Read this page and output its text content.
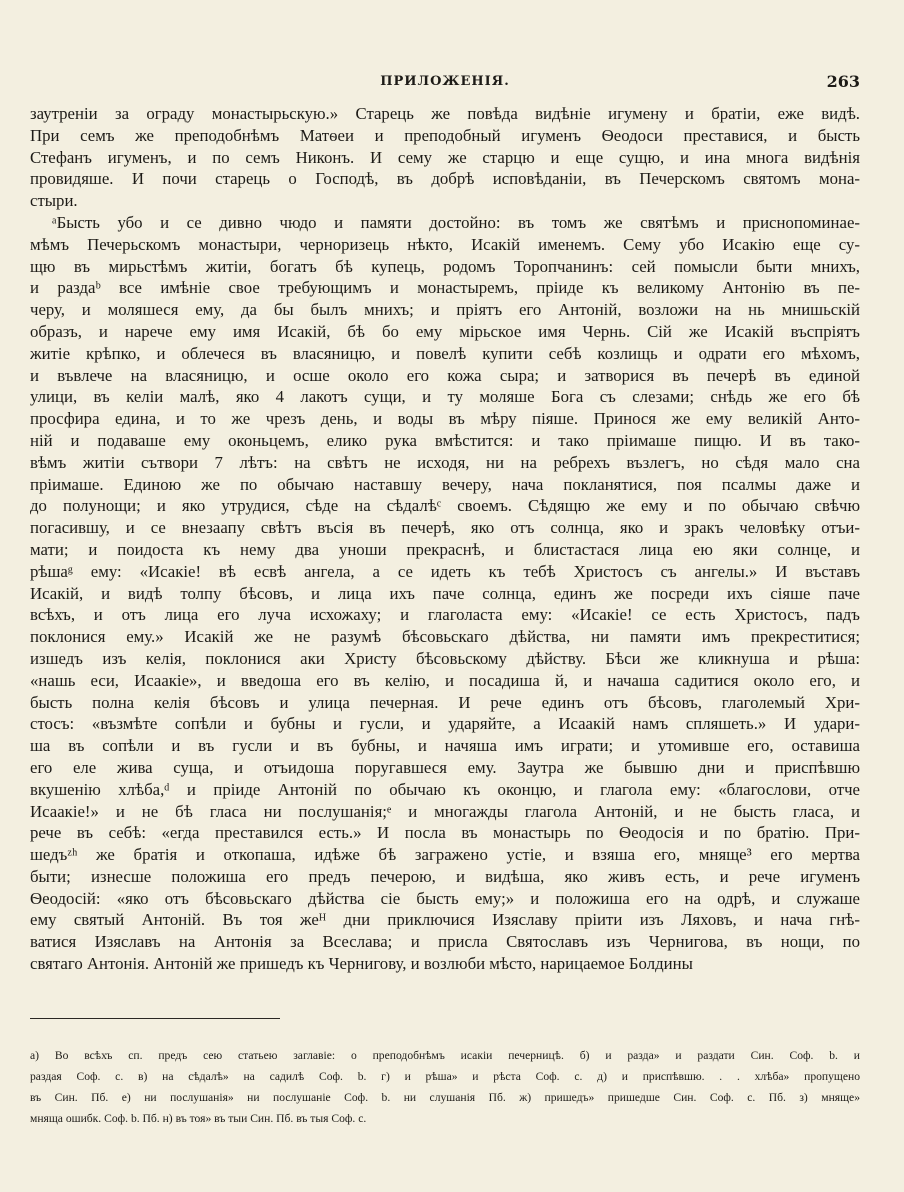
ПРИЛОЖЕНІЯ.	263
заутреніи за ограду монастырьскую.» Старець же повѣда видѣніе игумену и братіи, еже видѣ.
При семъ же преподобнѣмъ Матѳеи и преподобный игуменъ Ѳеодоси преставися, и бысть
Стефанъ игуменъ, и по семъ Никонъ. И сему же старцю и еще сущю, и ина многа видѣнія
провидяше. И почи старець о Господѣ, въ добрѣ исповѣданіи, въ Печерскомъ святомъ мона-
стыри.
ᵃБысть убо и се дивно чюдо и памяти достойно: въ томъ же святѣмъ и приснопоминае-
мѣмъ Печерьскомъ монастыри, черноризець нѣкто, Исакій именемъ. Сему убо Исакію еще су-
щю въ мирьстѣмъ житіи, богатъ бѣ купець, родомъ Торопчанинъ: сей помысли быти мнихъ,
и раздаᵇ все имѣніе свое требующимъ и монастыремъ, пріиде къ великому Антонію въ пе-
черу, и моляшеся ему, да бы былъ мнихъ; и пріятъ его Антоній, возложи на нь мнишьскій
образъ, и нарече ему имя Исакій, бѣ бо ему мірьское имя Чернь. Сій же Исакій въспріятъ
житіе крѣпко, и облечеся въ власяницю, и повелѣ купити себѣ козлищь и одрати его мѣхомъ,
и въвлече на власяницю, и осше около его кожа сыра; и затворися въ печерѣ въ единой
улици, въ келіи малѣ, яко 4 лакотъ сущи, и ту моляше Бога съ слезами; снѣдь же его бѣ
просфира едина, и то же чрезъ день, и воды въ мѣру піяше. Принося же ему великій Анто-
ній и подаваше ему оконьцемъ, елико рука вмѣстится: и тако пріимаше пищю. И въ тако-
вѣмъ житіи сътвори 7 лѣтъ: на свѣтъ не исходя, ни на ребрехъ възлегъ, но сѣдя мало сна
пріимаше. Единою же по обычаю наставшу вечеру, нача покланятися, поя псалмы даже и
до полунощи; и яко утрудися, сѣде на сѣдалѣᶜ своемъ. Сѣдящю же ему и по обычаю свѣчю
погасившу, и се внезаапу свѣтъ въсія въ печерѣ, яко отъ солнца, яко и зракъ человѣку отъи-
мати; и поидоста къ нему два уноши прекраснѣ, и блистастася лица ею яки солнце, и
рѣшаᵍ ему: «Исакіе! вѣ есвѣ ангела, а се идеть къ тебѣ Христосъ съ ангелы.» И въставъ
Исакій, и видѣ толпу бѣсовъ, и лица ихъ паче солнца, единъ же посреди ихъ сіяше паче
всѣхъ, и отъ лица его луча исхожаху; и глаголаста ему: «Исакіе! се есть Христосъ, падъ
поклонися ему.» Исакій же не разумѣ бѣсовьскаго дѣйства, ни памяти имъ прекреститися;
изшедъ изъ келія, поклонися аки Христу бѣсовьскому дѣйству. Бѣси же кликнуша и рѣша:
«нашь еси, Исаакіе», и введоша его въ келію, и посадиша й, и начаша садитися около его, и
бысть полна келія бѣсовъ и улица печерная. И рече единъ отъ бѣсовъ, глаголемый Хри-
стосъ: «възмѣте сопѣли и бубны и гусли, и ударяйте, а Исаакій намъ спляшеть.» И удари-
ша въ сопѣли и въ гусли и въ бубны, и начяша имъ играти; и утомивше его, оставиша
его еле жива суща, и отъидоша поругавшеся ему. Заутра же бывшю дни и приспѣвшю
вкушенію хлѣба,ᵈ и пріиде Антоній по обычаю къ оконцю, и глагола ему: «благослови, отче
Исаакіе!» и не бѣ гласа ни послушанія;ᵉ и многажды глагола Антоній, и не бысть гласа, и
рече въ себѣ: «егда преставился есть.» И посла въ монастырь по Ѳеодосія и по братію. При-
шедъᶻʰ же братія и откопаша, идѣже бѣ загражено устіе, и взяша его, мняще³ его мертва
быти; изнесше положиша его предъ печерою, и видѣша, яко живъ есть, и рече игуменъ
Ѳеодосій: «яко отъ бѣсовьскаго дѣйства сіе бысть ему;» и положиша его на одрѣ, и служаше
ему святый Антоній. Въ тоя жеᴴ дни приключися Изяславу пріити изъ Ляховъ, и нача гнѣ-
ватися Изяславъ на Антонія за Всеслава; и присла Святославъ изъ Чернигова, въ нощи, по
святаго Антонія. Антоній же пришедъ къ Чернигову, и возлюби мѣсто, нарицаемое Болдины
а) Во всѣхъ сп. предъ сею статьею заглавіе: о преподобнѣмъ исакіи печерницѣ. б) и разда» и раздати Син. Соф. b. и
раздая Соф. с. в) на сѣдалѣ» на садилѣ Соф. b. г) и рѣша» и рѣста Соф. с. д) и приспѣвшю. . . хлѣба» пропущено
въ Син. Пб. е) ни послушанія» ни послушаніе Соф. b. ни слушанія Пб. ж) пришедъ» пришедше Син. Соф. с. Пб. з) мняще»
мняща ошибк. Соф. b. Пб. н) въ тоя» въ тыи Син. Пб. въ тыя Соф. с.
